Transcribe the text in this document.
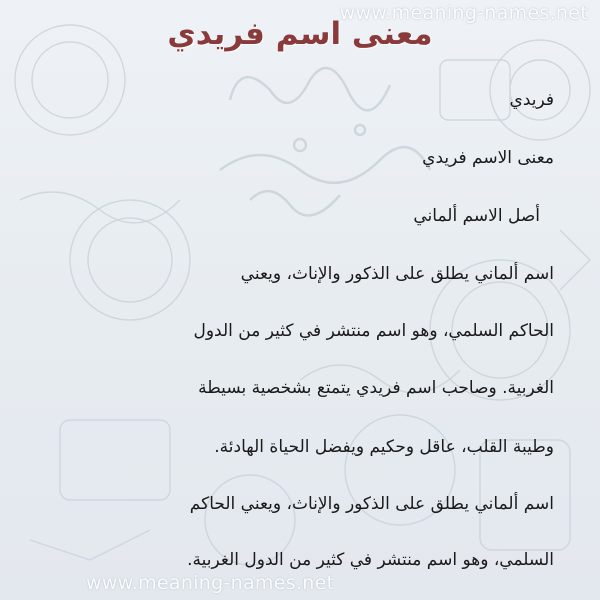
www.meaning-names.net
معنى اسم فريدي
فريدي
معنى الاسم فريدي
أصل الاسم ألماني
اسم ألماني يطلق على الذكور والإناث، ويعني
الحاكم السلمي، وهو اسم منتشر في كثير من الدول
الغربية. وصاحب اسم فريدي يتمتع بشخصية بسيطة
وطيبة القلب، عاقل وحكيم ويفضل الحياة الهادئة.
اسم ألماني يطلق على الذكور والإناث، ويعني الحاكم
السلمي، وهو اسم منتشر في كثير من الدول الغربية.
www.meaning-names.net
